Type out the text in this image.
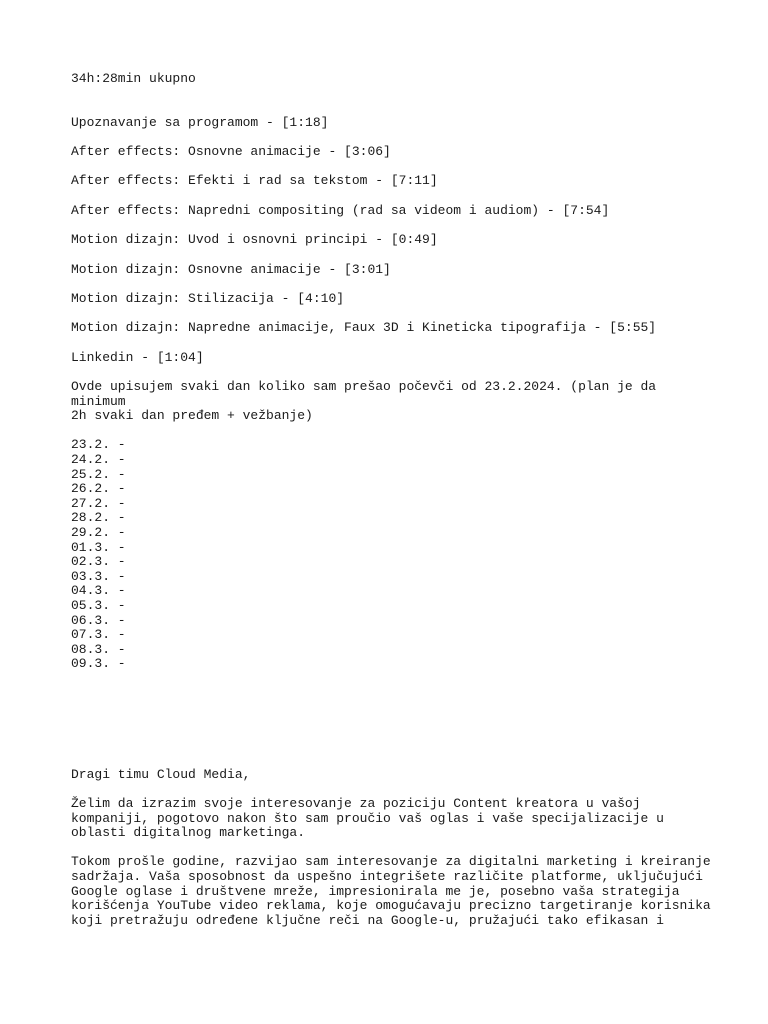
34h:28min ukupno
Upoznavanje sa programom - [1:18]
After effects: Osnovne animacije - [3:06]
After effects: Efekti i rad sa tekstom - [7:11]
After effects: Napredni compositing (rad sa videom i audiom) - [7:54]
Motion dizajn: Uvod i osnovni principi - [0:49]
Motion dizajn: Osnovne animacije - [3:01]
Motion dizajn: Stilizacija - [4:10]
Motion dizajn: Napredne animacije, Faux 3D i Kineticka tipografija - [5:55]
Linkedin - [1:04]
Ovde upisujem svaki dan koliko sam prešao počevči od 23.2.2024. (plan je da minimum
2h svaki dan pređem + vežbanje)
23.2. -
24.2. -
25.2. -
26.2. -
27.2. -
28.2. -
29.2. -
01.3. -
02.3. -
03.3. -
04.3. -
05.3. -
06.3. -
07.3. -
08.3. -
09.3. -
Dragi timu Cloud Media,
Želim da izrazim svoje interesovanje za poziciju Content kreatora u vašoj
kompaniji, pogotovo nakon što sam proučio vaš oglas i vaše specijalizacije u
oblasti digitalnog marketinga.
Tokom prošle godine, razvijao sam interesovanje za digitalni marketing i kreiranje
sadržaja. Vaša sposobnost da uspešno integrišete različite platforme, uključujući
Google oglase i društvene mreže, impresionirala me je, posebno vaša strategija
korišćenja YouTube video reklama, koje omogućavaju precizno targetiranje korisnika
koji pretražuju određene ključne reči na Google-u, pružajući tako efikasan i
